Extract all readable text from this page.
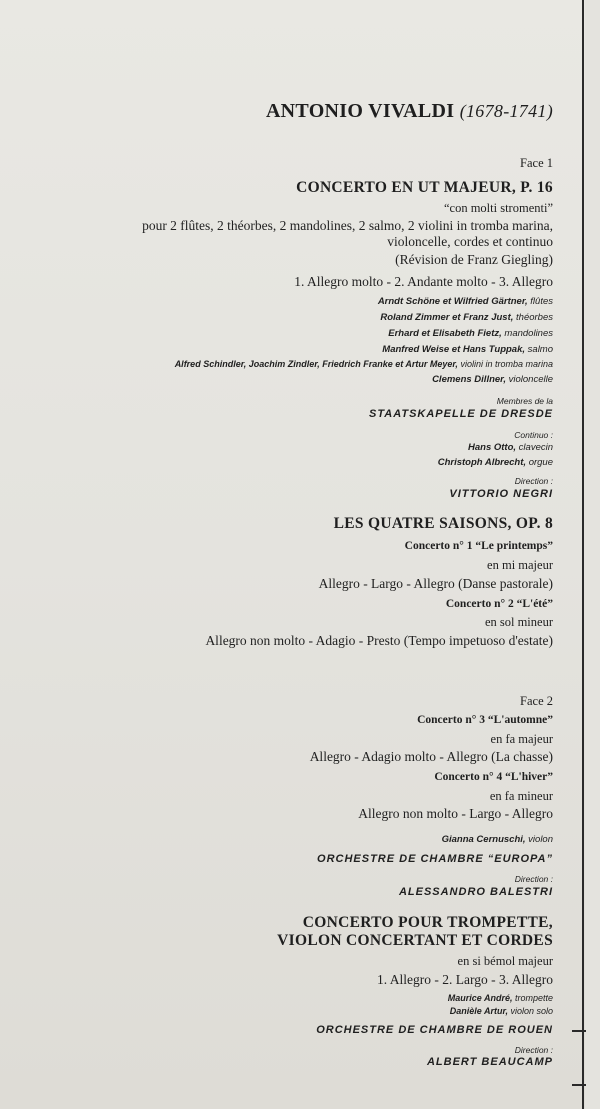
ANTONIO VIVALDI (1678-1741)
Face 1
CONCERTO EN UT MAJEUR, P. 16
“con molti stromenti”
pour 2 flûtes, 2 théorbes, 2 mandolines, 2 salmo, 2 violini in tromba marina,
violoncelle, cordes et continuo
(Révision de Franz Giegling)
1. Allegro molto - 2. Andante molto - 3. Allegro
Arndt Schöne et Wilfried Gärtner, flûtes
Roland Zimmer et Franz Just, théorbes
Erhard et Elisabeth Fietz, mandolines
Manfred Weise et Hans Tuppak, salmo
Alfred Schindler, Joachim Zindler, Friedrich Franke et Artur Meyer, violini in tromba marina
Clemens Dillner, violoncelle
Membres de la
STAATSKAPELLE DE DRESDE
Continuo :
Hans Otto, clavecin
Christoph Albrecht, orgue
Direction :
VITTORIO NEGRI
LES QUATRE SAISONS, OP. 8
Concerto n° 1 “Le printemps”
en mi majeur
Allegro - Largo - Allegro (Danse pastorale)
Concerto n° 2 “L'été”
en sol mineur
Allegro non molto - Adagio - Presto (Tempo impetuoso d'estate)
Face 2
Concerto n° 3 “L'automne”
en fa majeur
Allegro - Adagio molto - Allegro (La chasse)
Concerto n° 4 “L'hiver”
en fa mineur
Allegro non molto - Largo - Allegro
Gianna Cernuschi, violon
ORCHESTRE DE CHAMBRE “EUROPA”
Direction :
ALESSANDRO BALESTRI
CONCERTO POUR TROMPETTE,
VIOLON CONCERTANT ET CORDES
en si bémol majeur
1. Allegro - 2. Largo - 3. Allegro
Maurice André, trompette
Danièle Artur, violon solo
ORCHESTRE DE CHAMBRE DE ROUEN
Direction :
ALBERT BEAUCAMP
